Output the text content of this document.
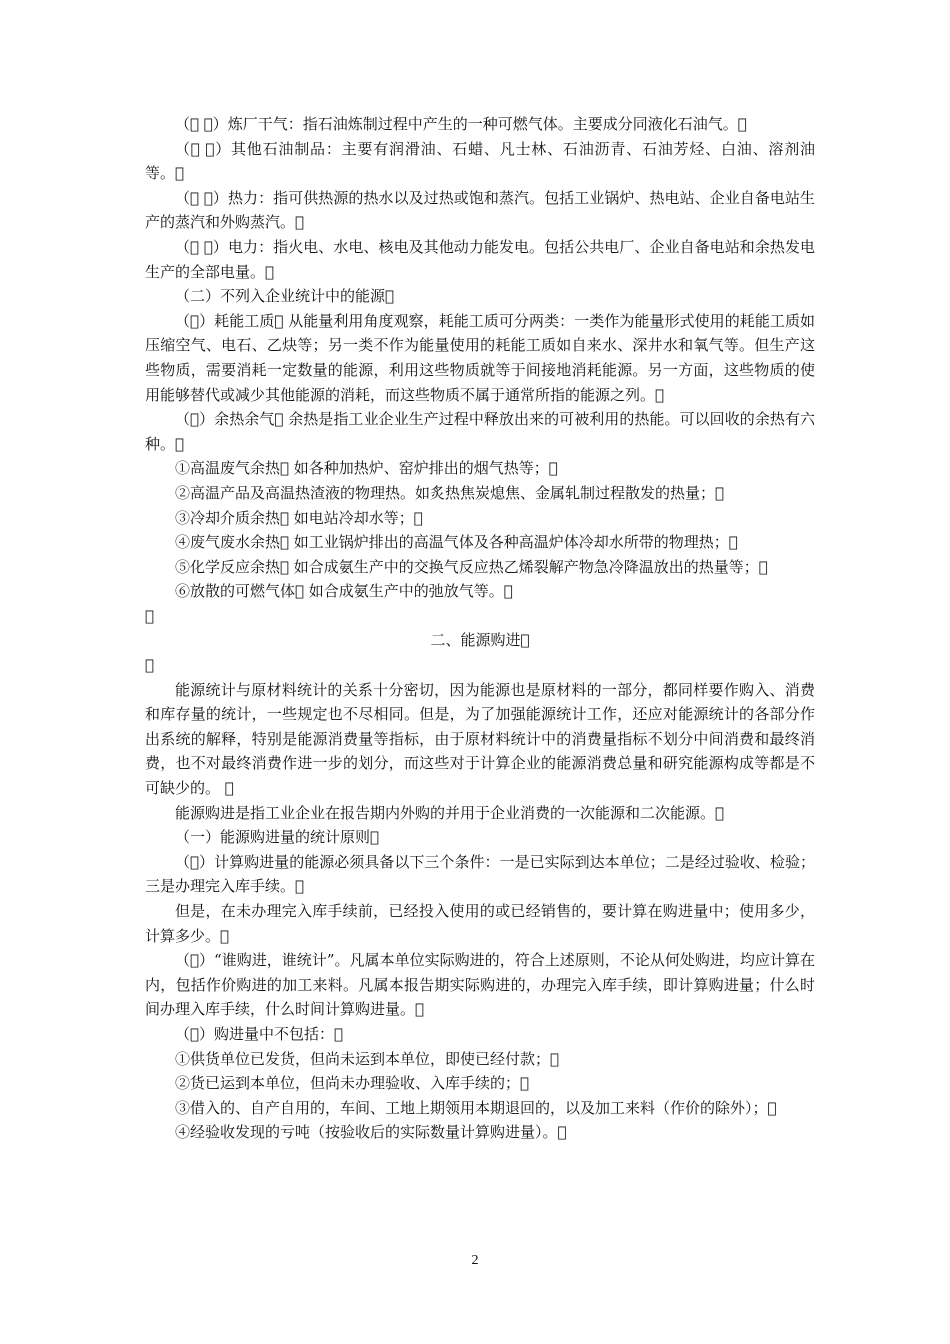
（   ）炼厂干气：指石油炼制过程中产生的一种可燃气体。主要成分同液化石油气。 

（   ）其他石油制品：主要有润滑油、石蜡、凡士林、石油沥青、石油芳烃、白油、溶剂油等。 

（   ）热力：指可供热源的热水以及过热或饱和蒸汽。包括工业锅炉、热电站、企业自备电站生产的蒸汽和外购蒸汽。 

（   ）电力：指火电、水电、核电及其他动力能发电。包括公共电厂、企业自备电站和余热发电生产的全部电量。 

（二）不列入企业统计中的能源 

（ ）耗能工质  从能量利用角度观察，耗能工质可分两类：一类作为能量形式使用的耗能工质如压缩空气、电石、乙炔等；另一类不作为能量使用的耗能工质如自来水、深井水和氧气等。但生产这些物质，需要消耗一定数量的能源，利用这些物质就等于间接地消耗能源。另一方面，这些物质的使用能够替代或减少其他能源的消耗，而这些物质不属于通常所指的能源之列。 

（ ）余热余气  余热是指工业企业生产过程中释放出来的可被利用的热能。可以回收的余热有六种。 

①高温废气余热  如各种加热炉、窑炉排出的烟气热等； 

②高温产品及高温热渣液的物理热。如炙热焦炭熄焦、金属轧制过程散发的热量； 

③冷却介质余热  如电站冷却水等； 

④废气废水余热  如工业锅炉排出的高温气体及各种高温炉体冷却水所带的物理热； 

⑤化学反应余热  如合成氨生产中的交换气反应热乙烯裂解产物急冷降温放出的热量等； 

⑥放散的可燃气体  如合成氨生产中的弛放气等。 

 

二、能源购进 

 

能源统计与原材料统计的关系十分密切，因为能源也是原材料的一部分，都同样要作购入、消费和库存量的统计，一些规定也不尽相同。但是，为了加强能源统计工作，还应对能源统计的各部分作出系统的解释，特别是能源消费量等指标，由于原材料统计中的消费量指标不划分中间消费和最终消费，也不对最终消费作进一步的划分，而这些对于计算企业的能源消费总量和研究能源构成等都是不可缺少的。  

能源购进是指工业企业在报告期内外购的并用于企业消费的一次能源和二次能源。 

（一）能源购进量的统计原则 

（ ）计算购进量的能源必须具备以下三个条件：一是已实际到达本单位；二是经过验收、检验；三是办理完入库手续。 

但是，在未办理完入库手续前，已经投入使用的或已经销售的，要计算在购进量中；使用多少，计算多少。 

（ ）“谁购进，谁统计”。凡属本单位实际购进的，符合上述原则，不论从何处购进，均应计算在内，包括作价购进的加工来料。凡属本报告期实际购进的，办理完入库手续，即计算购进量；什么时间办理入库手续，什么时间计算购进量。 

（ ）购进量中不包括： 

①供货单位已发货，但尚未运到本单位，即使已经付款； 

②货已运到本单位，但尚未办理验收、入库手续的； 

③借入的、自产自用的，车间、工地上期领用本期退回的，以及加工来料（作价的除外）； 

④经验收发现的亏吨（按验收后的实际数量计算购进量）。 

2
